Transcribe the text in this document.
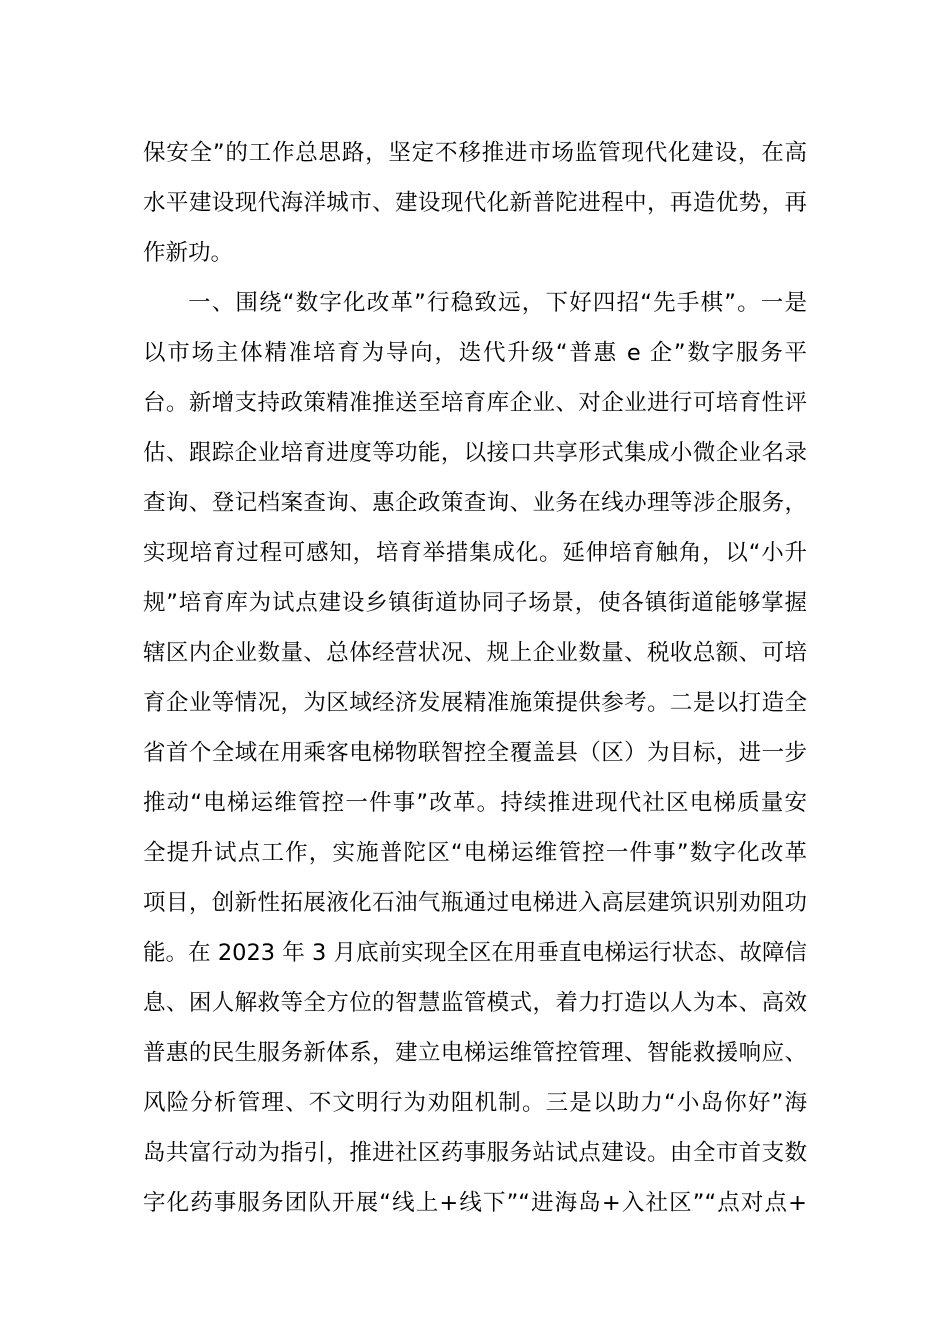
保安全”的工作总思路，坚定不移推进市场监管现代化建设，在高
水平建设现代海洋城市、建设现代化新普陀进程中，再造优势，再
作新功。
一、围绕“数字化改革”行稳致远，下好四招“先手棋”。一是
以市场主体精准培育为导向，迭代升级“普惠 e 企”数字服务平
台。新增支持政策精准推送至培育库企业、对企业进行可培育性评
估、跟踪企业培育进度等功能，以接口共享形式集成小微企业名录
查询、登记档案查询、惠企政策查询、业务在线办理等涉企服务，
实现培育过程可感知，培育举措集成化。延伸培育触角，以“小升
规”培育库为试点建设乡镇街道协同子场景，使各镇街道能够掌握
辖区内企业数量、总体经营状况、规上企业数量、税收总额、可培
育企业等情况，为区域经济发展精准施策提供参考。二是以打造全
省首个全域在用乘客电梯物联智控全覆盖县（区）为目标，进一步
推动“电梯运维管控一件事”改革。持续推进现代社区电梯质量安
全提升试点工作，实施普陀区“电梯运维管控一件事”数字化改革
项目，创新性拓展液化石油气瓶通过电梯进入高层建筑识别劝阻功
能。在 2023 年 3 月底前实现全区在用垂直电梯运行状态、故障信
息、困人解救等全方位的智慧监管模式，着力打造以人为本、高效
普惠的民生服务新体系，建立电梯运维管控管理、智能救援响应、
风险分析管理、不文明行为劝阻机制。三是以助力“小岛你好”海
岛共富行动为指引，推进社区药事服务站试点建设。由全市首支数
字化药事服务团队开展“线上+线下”“进海岛+入社区”“点对点+
